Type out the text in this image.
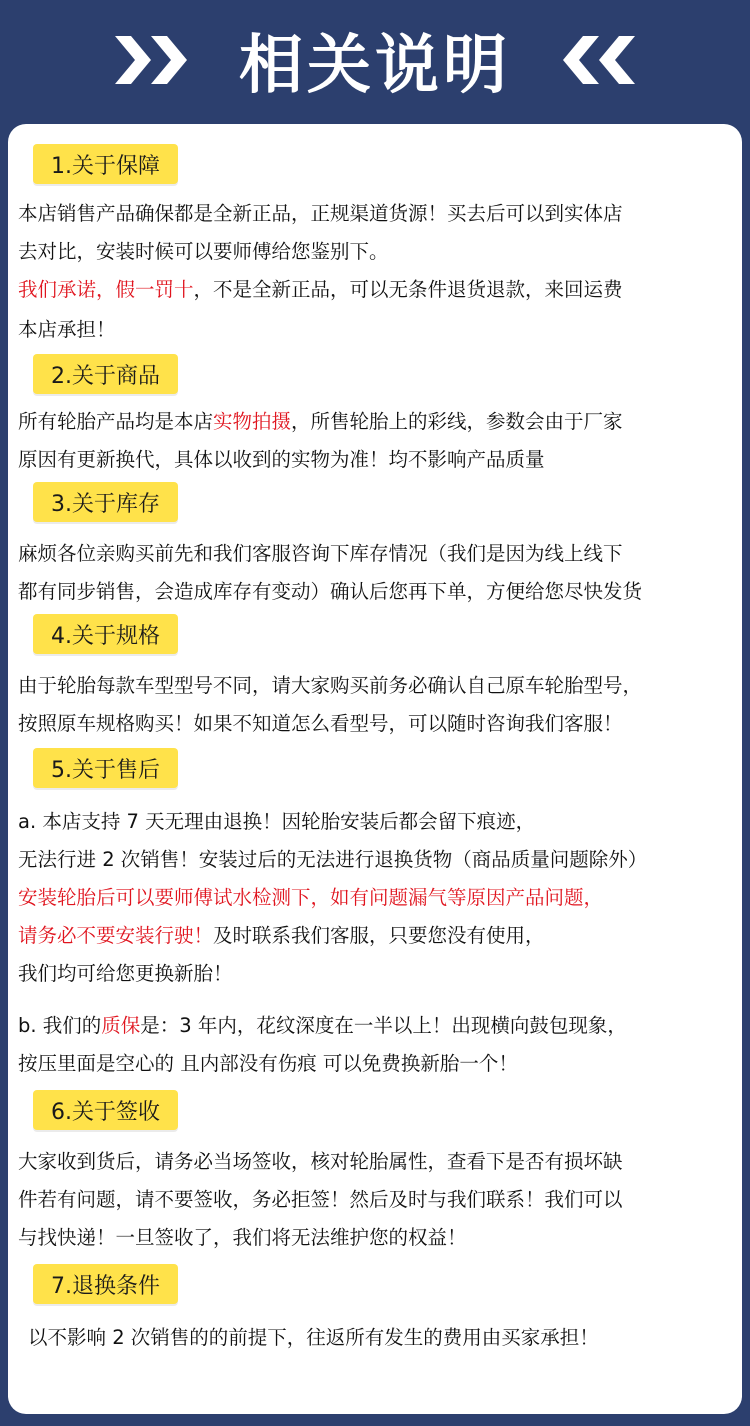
相关说明
1.关于保障
本店销售产品确保都是全新正品，正规渠道货源！买去后可以到实体店
去对比，安装时候可以要师傅给您鉴别下。
我们承诺，假一罚十，不是全新正品，可以无条件退货退款，来回运费
本店承担！
2.关于商品
所有轮胎产品均是本店实物拍摄，所售轮胎上的彩线，参数会由于厂家
原因有更新换代，具体以收到的实物为准！均不影响产品质量
3.关于库存
麻烦各位亲购买前先和我们客服咨询下库存情况（我们是因为线上线下
都有同步销售，会造成库存有变动）确认后您再下单，方便给您尽快发货
4.关于规格
由于轮胎每款车型型号不同，请大家购买前务必确认自己原车轮胎型号，
按照原车规格购买！如果不知道怎么看型号，可以随时咨询我们客服！
5.关于售后
a. 本店支持 7 天无理由退换！因轮胎安装后都会留下痕迹，
无法行进 2 次销售！安装过后的无法进行退换货物（商品质量问题除外）
安装轮胎后可以要师傅试水检测下，如有问题漏气等原因产品问题，
请务必不要安装行驶！及时联系我们客服，只要您没有使用，
我们均可给您更换新胎！
b. 我们的质保是：3 年内，花纹深度在一半以上！出现横向鼓包现象，
按压里面是空心的 且内部没有伤痕 可以免费换新胎一个！
6.关于签收
大家收到货后，请务必当场签收，核对轮胎属性，查看下是否有损坏缺
件若有问题，请不要签收，务必拒签！然后及时与我们联系！我们可以
与找快递！一旦签收了，我们将无法维护您的权益！
7.退换条件
以不影响 2 次销售的的前提下，往返所有发生的费用由买家承担！
